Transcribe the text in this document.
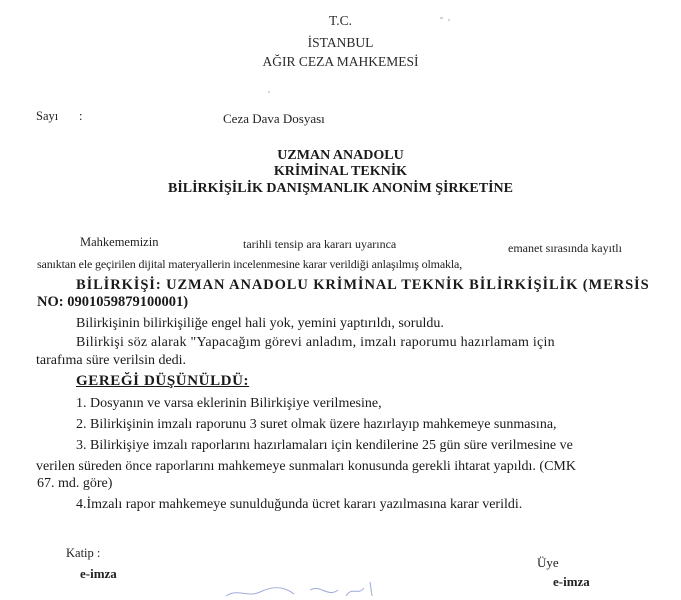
T.C.
İSTANBUL
AĞIR CEZA MAHKEMESİ
Sayı :	Ceza Dava Dosyası
UZMAN ANADOLU
KRİMİNAL TEKNİK
BİLİRKİŞİLİK DANIŞMANLIK ANONİM ŞİRKETİNE
Mahkememizin	tarihli tensip ara kararı uyarınca	emanet sırasında kayıtlı
sanıktan ele geçirilen dijital materyallerin incelenmesine karar verildiği anlaşılmış olmakla,
BİLİRKİŞİ: UZMAN ANADOLU KRİMİNAL TEKNİK BİLİRKİŞİLİK (MERSİS
NO: 0901059879100001)
Bilirkişinin bilirkişiliğe engel hali yok, yemini yaptırıldı, soruldu.
Bilirkişi söz alarak "Yapacağım görevi anladım, imzalı raporumu hazırlamam için
tarafıma süre verilsin dedi.
GEREĞİ DÜŞÜNÜLDÜ:
1. Dosyanın ve varsa eklerinin Bilirkişiye verilmesine,
2. Bilirkişinin imzalı raporunu 3 suret olmak üzere hazırlayıp mahkemeye sunmasına,
3. Bilirkişiye imzalı raporlarını hazırlamaları için kendilerine 25 gün süre verilmesine ve
verilen süreden önce raporlarını mahkemeye sunmaları konusunda gerekli ihtarat yapıldı. (CMK
67. md. göre)
4.İmzalı rapor mahkemeye sunulduğunda ücret kararı yazılmasına karar verildi.
Katip :
e-imza
Üye
e-imza
